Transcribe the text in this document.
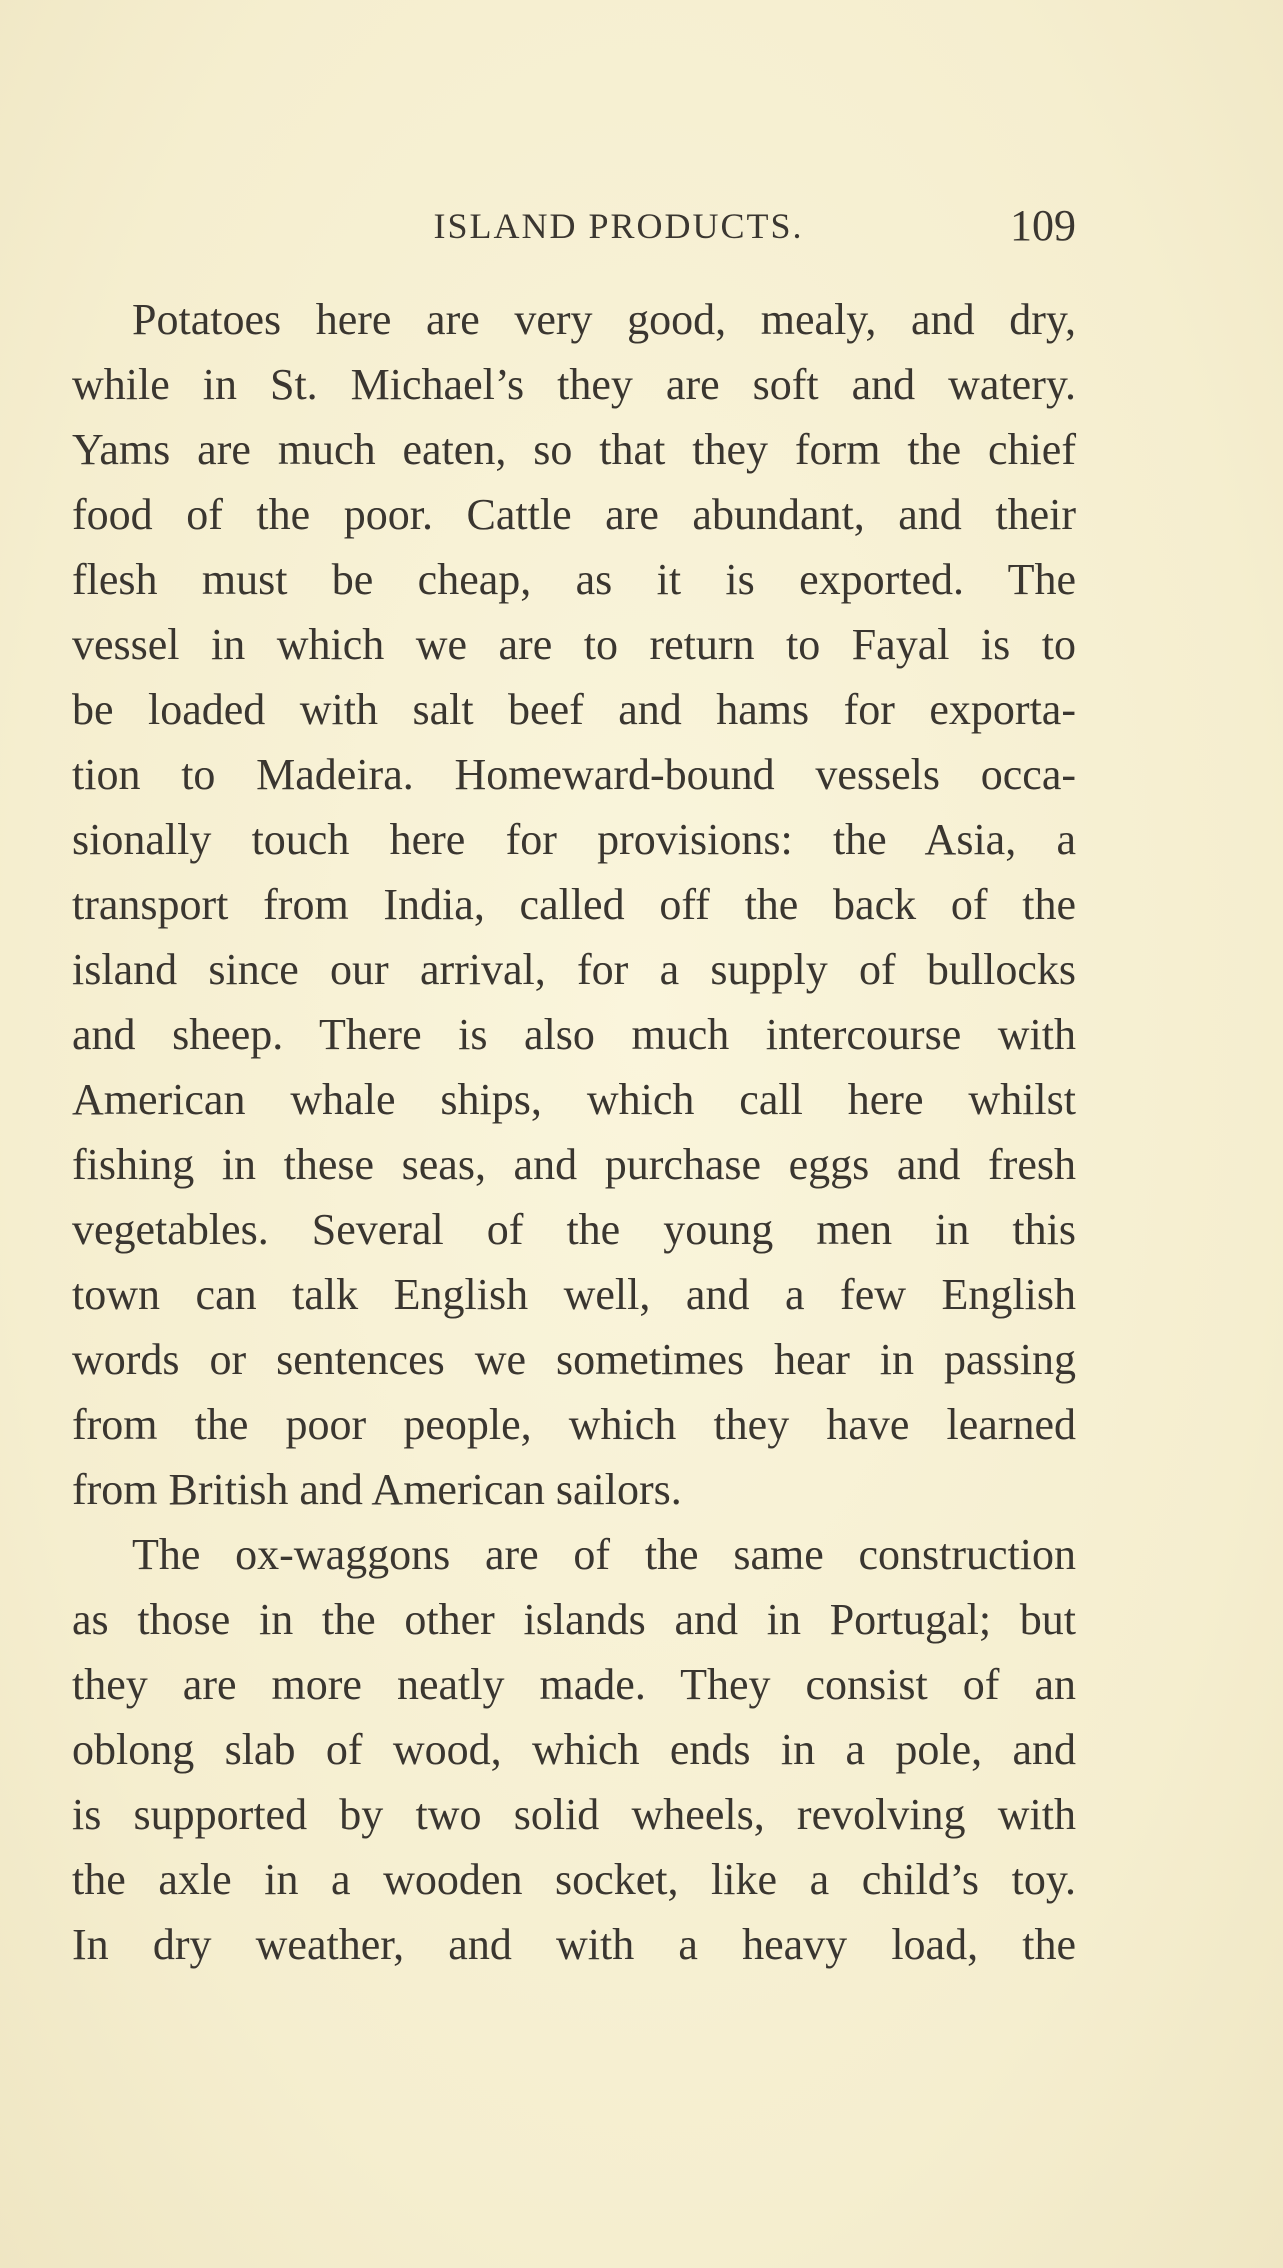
ISLAND PRODUCTS.	109
Potatoes here are very good, mealy, and dry,
while in St. Michael’s they are soft and watery.
Yams are much eaten, so that they form the chief
food of the poor. Cattle are abundant, and their
flesh must be cheap, as it is exported. The
vessel in which we are to return to Fayal is to
be loaded with salt beef and hams for exporta-
tion to Madeira. Homeward-bound vessels occa-
sionally touch here for provisions: the Asia, a
transport from India, called off the back of the
island since our arrival, for a supply of bullocks
and sheep. There is also much intercourse with
American whale ships, which call here whilst
fishing in these seas, and purchase eggs and fresh
vegetables. Several of the young men in this
town can talk English well, and a few English
words or sentences we sometimes hear in passing
from the poor people, which they have learned
from British and American sailors.
The ox-waggons are of the same construction
as those in the other islands and in Portugal; but
they are more neatly made. They consist of an
oblong slab of wood, which ends in a pole, and
is supported by two solid wheels, revolving with
the axle in a wooden socket, like a child’s toy.
In dry weather, and with a heavy load, the
